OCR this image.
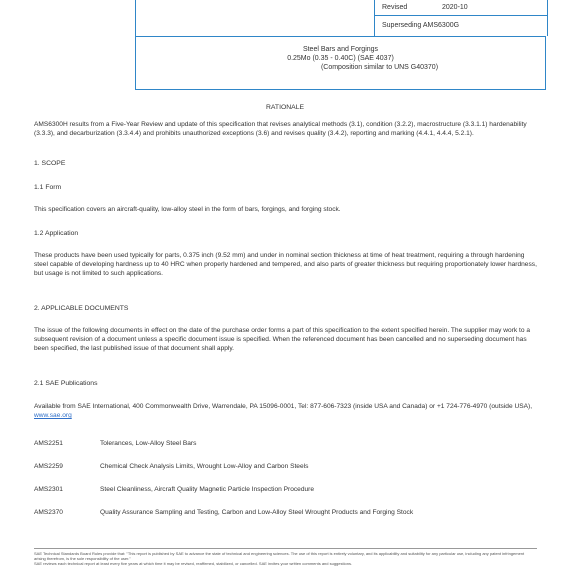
Revised	2020-10
Superseding AMS6300G
Steel Bars and Forgings
0.25Mo (0.35 - 0.40C) (SAE 4037)
(Composition similar to UNS G40370)
RATIONALE
AMS6300H results from a Five-Year Review and update of this specification that revises analytical methods (3.1), condition (3.2.2), macrostructure (3.3.1.1) hardenability (3.3.3), and decarburization (3.3.4.4) and prohibits unauthorized exceptions (3.6) and revises quality (3.4.2), reporting and marking (4.4.1, 4.4.4, 5.2.1).
1. SCOPE
1.1 Form
This specification covers an aircraft-quality, low-alloy steel in the form of bars, forgings, and forging stock.
1.2 Application
These products have been used typically for parts, 0.375 inch (9.52 mm) and under in nominal section thickness at time of heat treatment, requiring a through hardening steel capable of developing hardness up to 40 HRC when properly hardened and tempered, and also parts of greater thickness but requiring proportionately lower hardness, but usage is not limited to such applications.
2. APPLICABLE DOCUMENTS
The issue of the following documents in effect on the date of the purchase order forms a part of this specification to the extent specified herein. The supplier may work to a subsequent revision of a document unless a specific document issue is specified. When the referenced document has been cancelled and no superseding document has been specified, the last published issue of that document shall apply.
2.1 SAE Publications
Available from SAE International, 400 Commonwealth Drive, Warrendale, PA 15096-0001, Tel: 877-606-7323 (inside USA and Canada) or +1 724-776-4970 (outside USA), www.sae.org
AMS2251	Tolerances, Low-Alloy Steel Bars
AMS2259	Chemical Check Analysis Limits, Wrought Low-Alloy and Carbon Steels
AMS2301	Steel Cleanliness, Aircraft Quality Magnetic Particle Inspection Procedure
AMS2370	Quality Assurance Sampling and Testing, Carbon and Low-Alloy Steel Wrought Products and Forging Stock
SAE Technical Standards Board Rules provide that: "This report is published by SAE to advance the state of technical and engineering sciences. The use of this report is entirely voluntary, and its applicability and suitability for any particular use, including any patent infringement arising therefrom, is the sole responsibility of the user."
SAE reviews each technical report at least every five years at which time it may be revised, reaffirmed, stabilized, or cancelled. SAE invites your written comments and suggestions.
